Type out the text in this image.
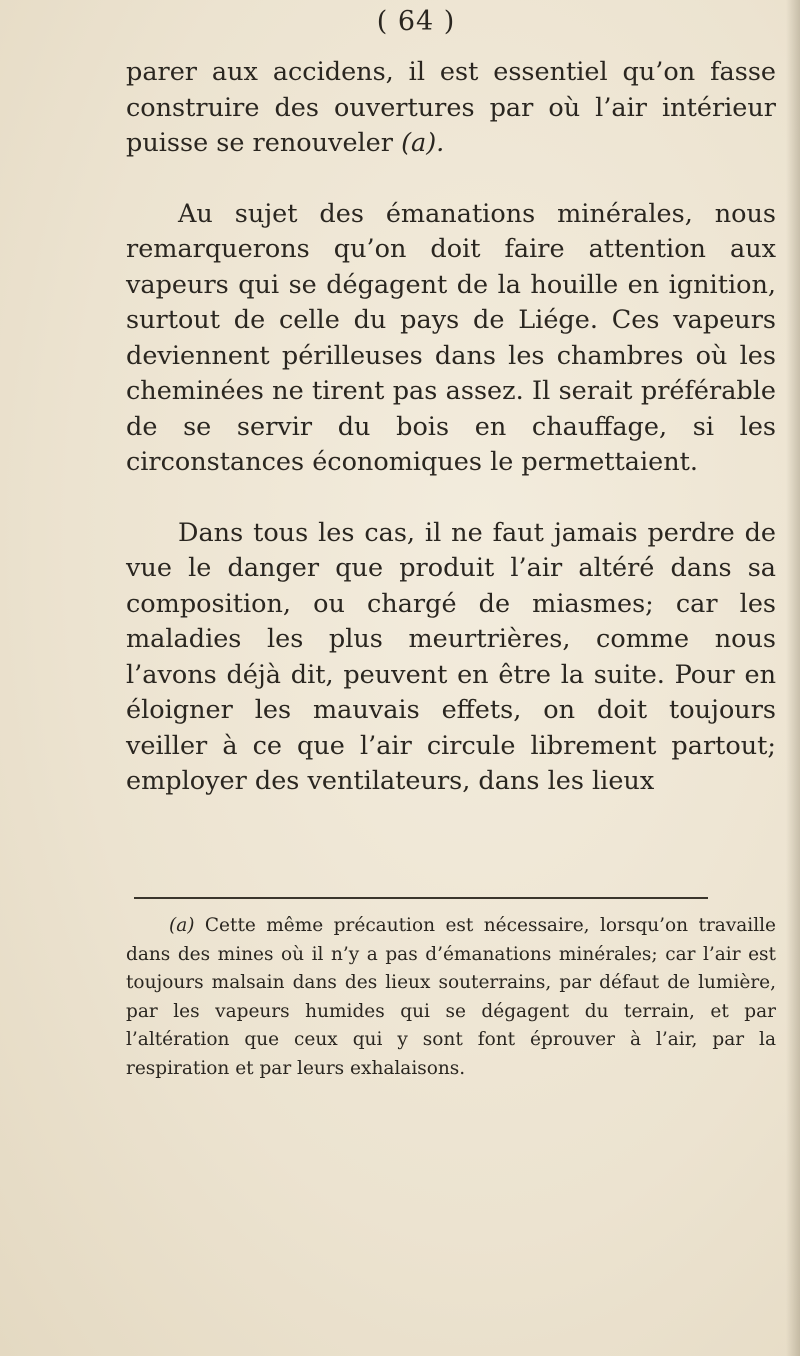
( 64 )

parer aux accidens, il est essentiel qu’on fasse construire des ouvertures par où l’air intérieur puisse se renouveler (a).

Au sujet des émanations minérales, nous remarquerons qu’on doit faire attention aux vapeurs qui se dégagent de la houille en ignition, surtout de celle du pays de Liége. Ces vapeurs deviennent périlleuses dans les chambres où les cheminées ne tirent pas assez. Il serait préférable de se servir du bois en chauffage, si les circonstances économiques le permettaient.

Dans tous les cas, il ne faut jamais perdre de vue le danger que produit l’air altéré dans sa composition, ou chargé de miasmes; car les maladies les plus meurtrières, comme nous l’avons déjà dit, peuvent en être la suite. Pour en éloigner les mauvais effets, on doit toujours veiller à ce que l’air circule librement partout; employer des ventilateurs, dans les lieux

(a) Cette même précaution est nécessaire, lorsqu’on travaille dans des mines où il n’y a pas d’émanations minérales; car l’air est toujours malsain dans des lieux souterrains, par défaut de lumière, par les vapeurs humides qui se dégagent du terrain, et par l’altération que ceux qui y sont font éprouver à l’air, par la respiration et par leurs exhalaisons.
